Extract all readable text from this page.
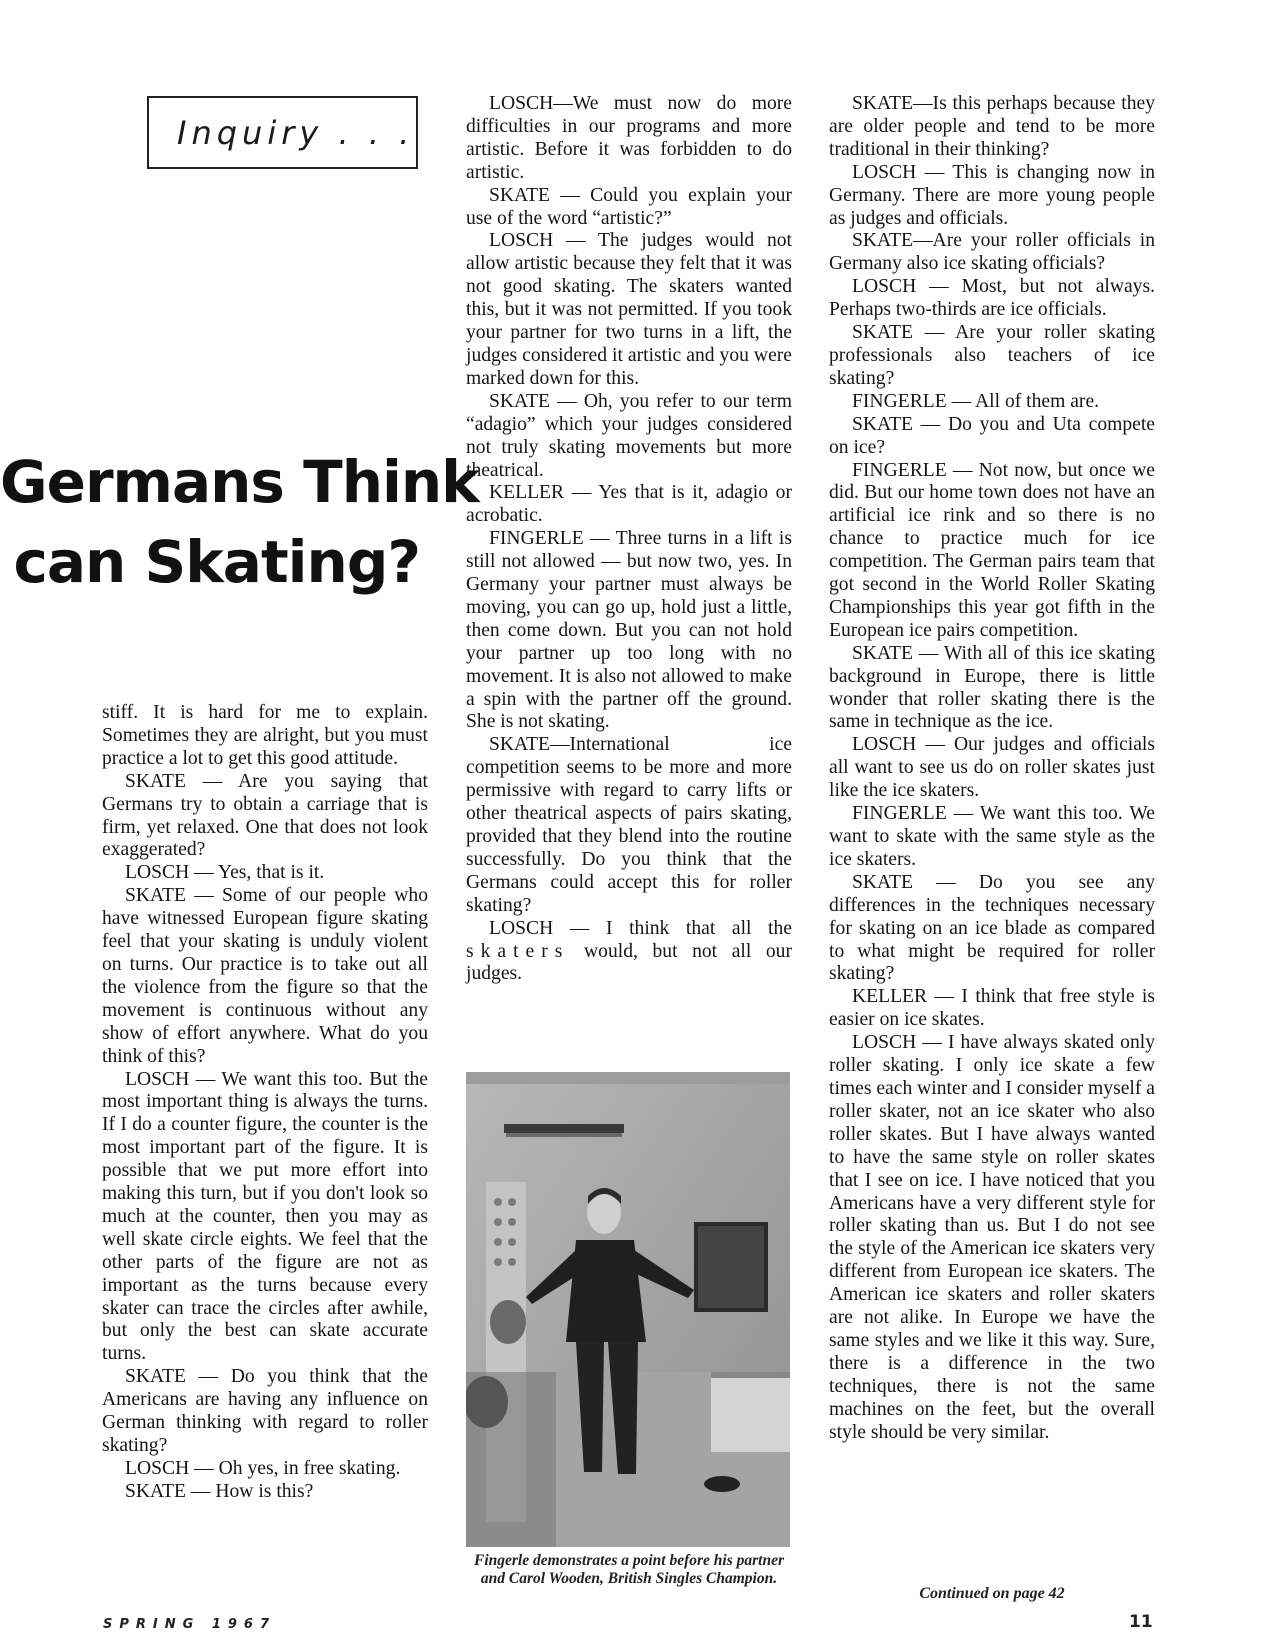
Inquiry . . .
Germans Think
can Skating?

stiff. It is hard for me to explain. Sometimes they are alright, but you must practice a lot to get this good attitude.

SKATE — Are you saying that Germans try to obtain a carriage that is firm, yet relaxed. One that does not look exaggerated?

LOSCH — Yes, that is it.

SKATE — Some of our people who have witnessed European figure skating feel that your skating is unduly violent on turns. Our practice is to take out all the violence from the figure so that the movement is continuous without any show of effort anywhere. What do you think of this?

LOSCH — We want this too. But the most important thing is always the turns. If I do a counter figure, the counter is the most important part of the figure. It is possible that we put more effort into making this turn, but if you don't look so much at the counter, then you may as well skate circle eights. We feel that the other parts of the figure are not as important as the turns because every skater can trace the circles after awhile, but only the best can skate accurate turns.

SKATE — Do you think that the Americans are having any influence on German thinking with regard to roller skating?

LOSCH — Oh yes, in free skating.

SKATE — How is this?

LOSCH—We must now do more difficulties in our programs and more artistic. Before it was forbidden to do artistic.

SKATE — Could you explain your use of the word “artistic?”

LOSCH — The judges would not allow artistic because they felt that it was not good skating. The skaters wanted this, but it was not permitted. If you took your partner for two turns in a lift, the judges considered it artistic and you were marked down for this.

SKATE — Oh, you refer to our term “adagio” which your judges considered not truly skating movements but more theatrical.

KELLER — Yes that is it, adagio or acrobatic.

FINGERLE — Three turns in a lift is still not allowed — but now two, yes. In Germany your partner must always be moving, you can go up, hold just a little, then come down. But you can not hold your partner up too long with no movement. It is also not allowed to make a spin with the partner off the ground. She is not skating.

SKATE—International ice competition seems to be more and more permissive with regard to carry lifts or other theatrical aspects of pairs skating, provided that they blend into the routine successfully. Do you think that the Germans could accept this for roller skating?

LOSCH — I think that all the skaters would, but not all our judges.

Fingerle demonstrates a point before his partner and Carol Wooden, British Singles Champion.

SKATE—Is this perhaps because they are older people and tend to be more traditional in their thinking?

LOSCH — This is changing now in Germany. There are more young people as judges and officials.

SKATE—Are your roller officials in Germany also ice skating officials?

LOSCH — Most, but not always. Perhaps two-thirds are ice officials.

SKATE — Are your roller skating professionals also teachers of ice skating?

FINGERLE — All of them are.

SKATE — Do you and Uta compete on ice?

FINGERLE — Not now, but once we did. But our home town does not have an artificial ice rink and so there is no chance to practice much for ice competition. The German pairs team that got second in the World Roller Skating Championships this year got fifth in the European ice pairs competition.

SKATE — With all of this ice skating background in Europe, there is little wonder that roller skating there is the same in technique as the ice.

LOSCH — Our judges and officials all want to see us do on roller skates just like the ice skaters.

FINGERLE — We want this too. We want to skate with the same style as the ice skaters.

SKATE — Do you see any differences in the techniques necessary for skating on an ice blade as compared to what might be required for roller skating?

KELLER — I think that free style is easier on ice skates.

LOSCH — I have always skated only roller skating. I only ice skate a few times each winter and I consider myself a roller skater, not an ice skater who also roller skates. But I have always wanted to have the same style on roller skates that I see on ice. I have noticed that you Americans have a very different style for roller skating than us. But I do not see the style of the American ice skaters very different from European ice skaters. The American ice skaters and roller skaters are not alike. In Europe we have the same styles and we like it this way. Sure, there is a difference in the two techniques, there is not the same machines on the feet, but the overall style should be very similar.

Continued on page 42
SPRING 1967	11
